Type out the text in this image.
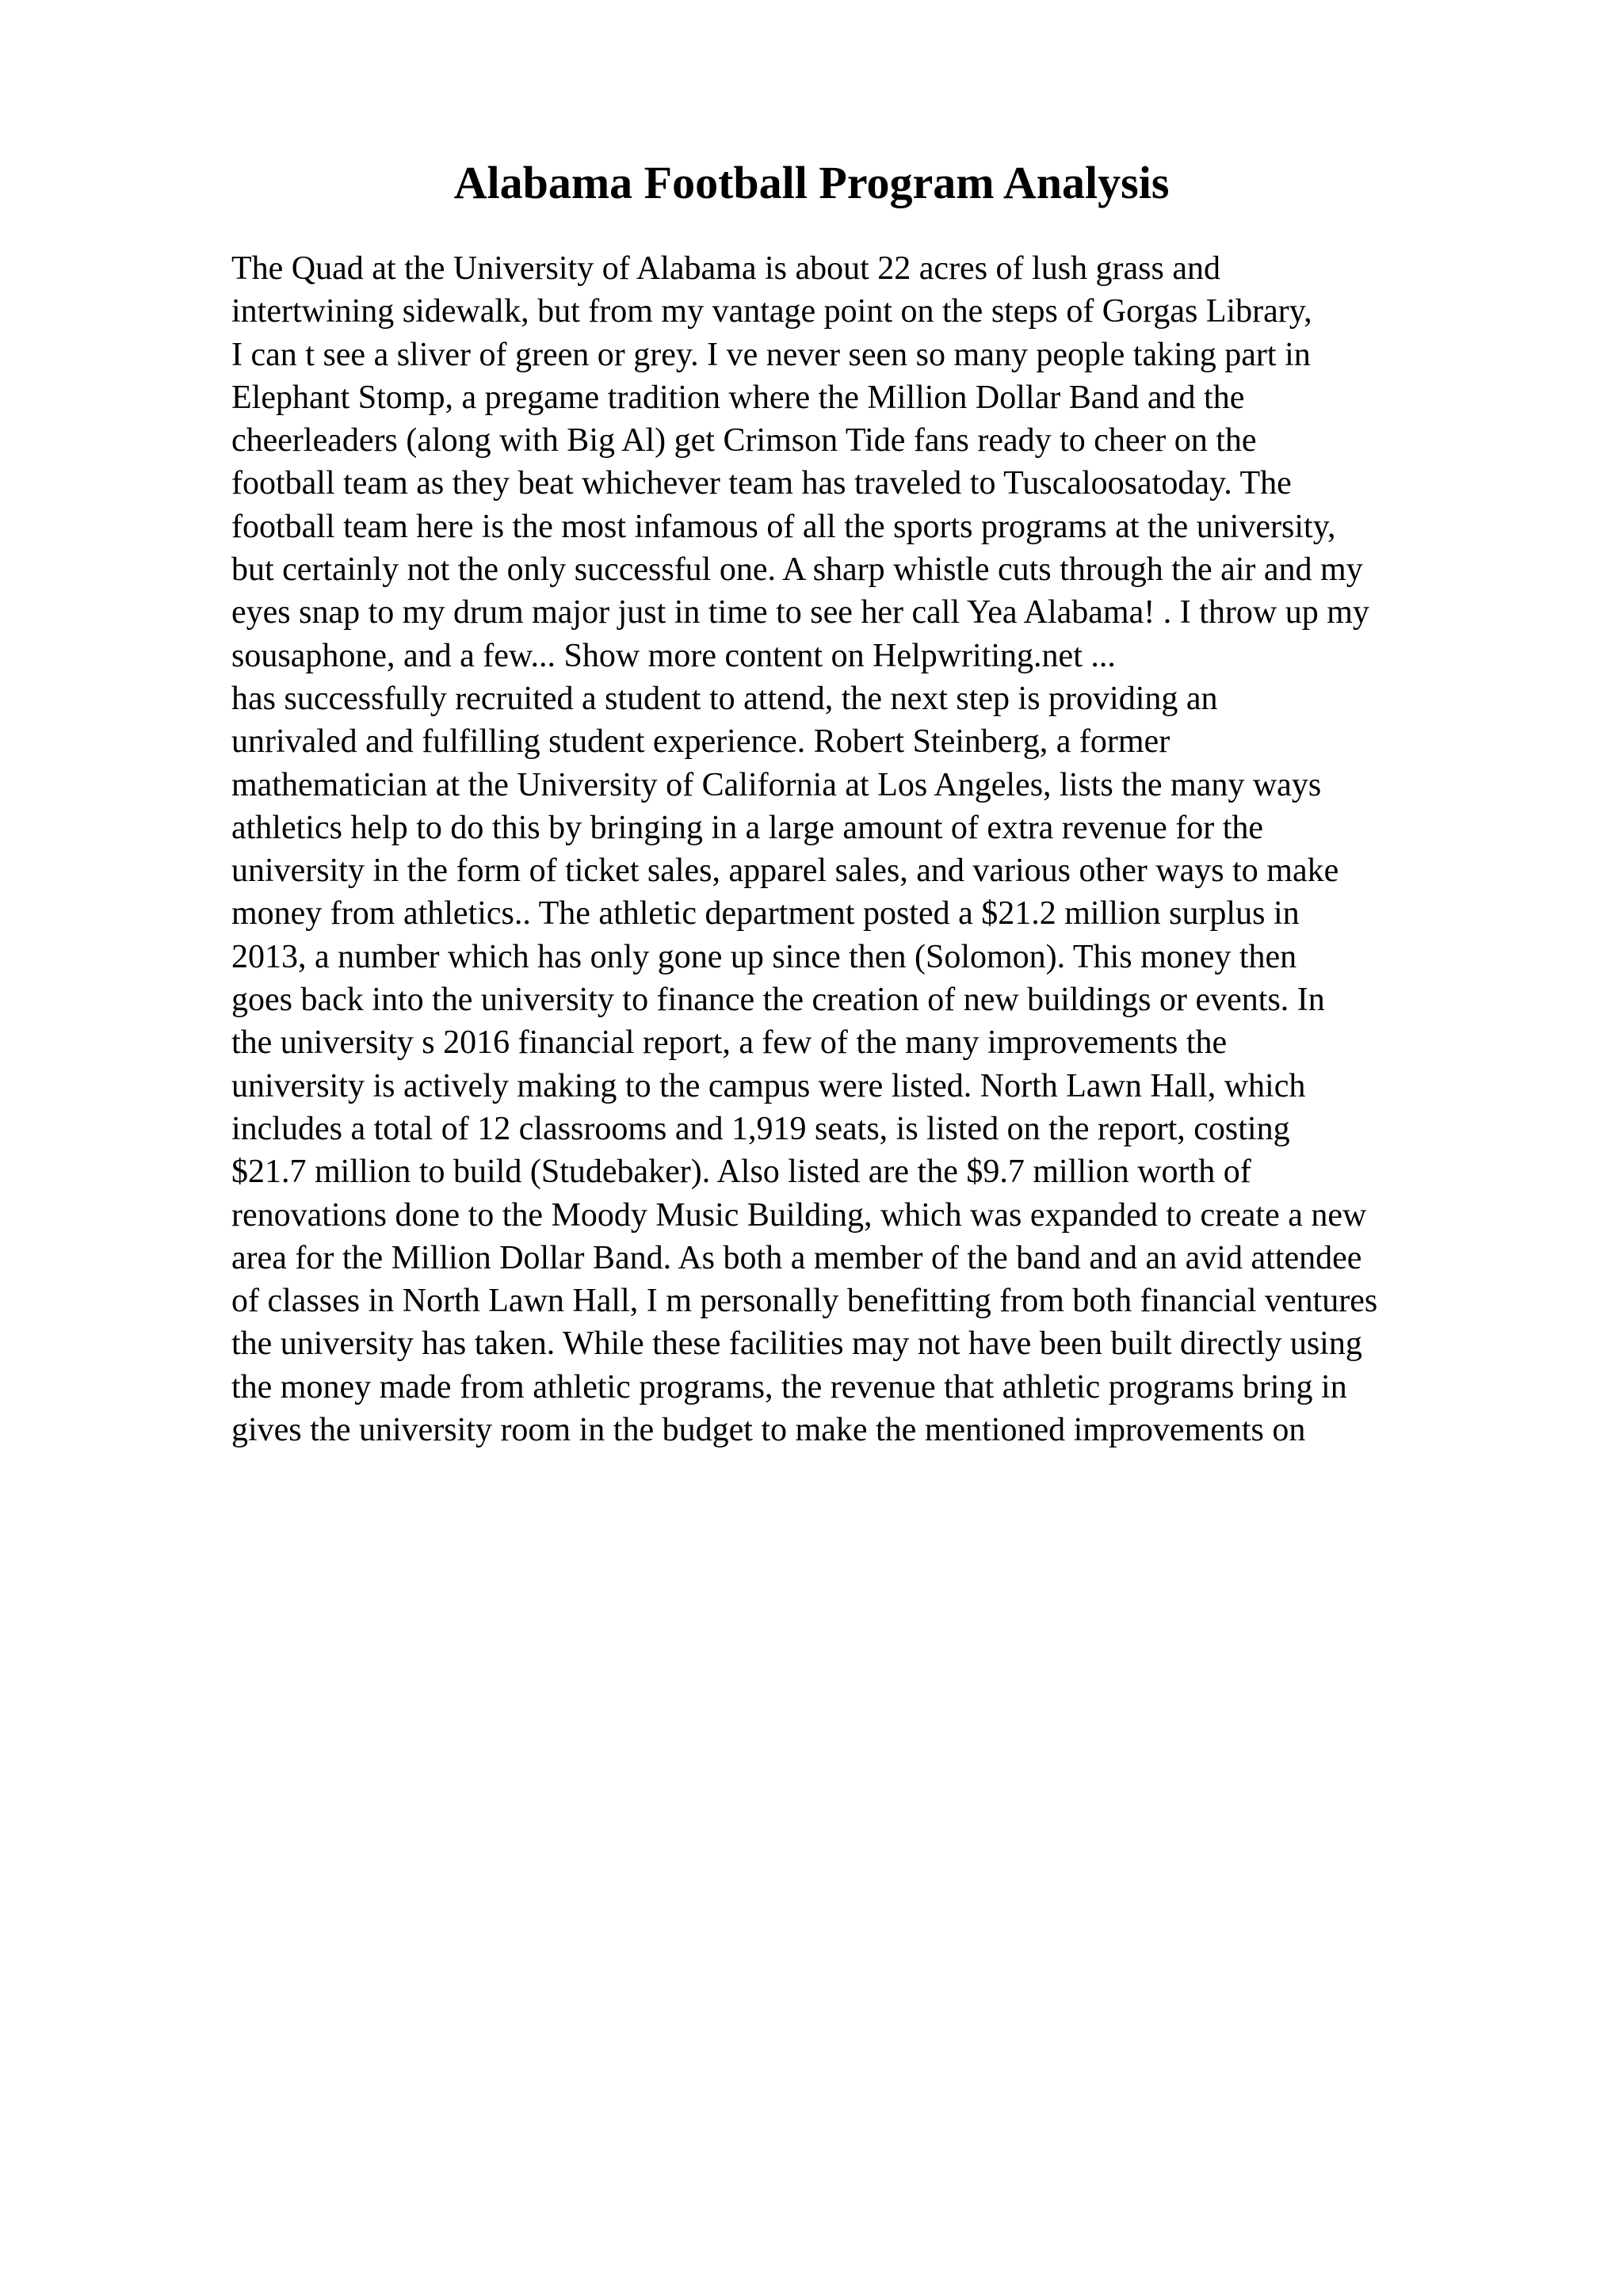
Alabama Football Program Analysis
The Quad at the University of Alabama is about 22 acres of lush grass and
intertwining sidewalk, but from my vantage point on the steps of Gorgas Library,
I can t see a sliver of green or grey. I ve never seen so many people taking part in
Elephant Stomp, a pregame tradition where the Million Dollar Band and the
cheerleaders (along with Big Al) get Crimson Tide fans ready to cheer on the
football team as they beat whichever team has traveled to Tuscaloosatoday. The
football team here is the most infamous of all the sports programs at the university,
but certainly not the only successful one. A sharp whistle cuts through the air and my
eyes snap to my drum major just in time to see her call Yea Alabama! . I throw up my
sousaphone, and a few... Show more content on Helpwriting.net ...
has successfully recruited a student to attend, the next step is providing an
unrivaled and fulfilling student experience. Robert Steinberg, a former
mathematician at the University of California at Los Angeles, lists the many ways
athletics help to do this by bringing in a large amount of extra revenue for the
university in the form of ticket sales, apparel sales, and various other ways to make
money from athletics.. The athletic department posted a $21.2 million surplus in
2013, a number which has only gone up since then (Solomon). This money then
goes back into the university to finance the creation of new buildings or events. In
the university s 2016 financial report, a few of the many improvements the
university is actively making to the campus were listed. North Lawn Hall, which
includes a total of 12 classrooms and 1,919 seats, is listed on the report, costing
$21.7 million to build (Studebaker). Also listed are the $9.7 million worth of
renovations done to the Moody Music Building, which was expanded to create a new
area for the Million Dollar Band. As both a member of the band and an avid attendee
of classes in North Lawn Hall, I m personally benefitting from both financial ventures
the university has taken. While these facilities may not have been built directly using
the money made from athletic programs, the revenue that athletic programs bring in
gives the university room in the budget to make the mentioned improvements on
